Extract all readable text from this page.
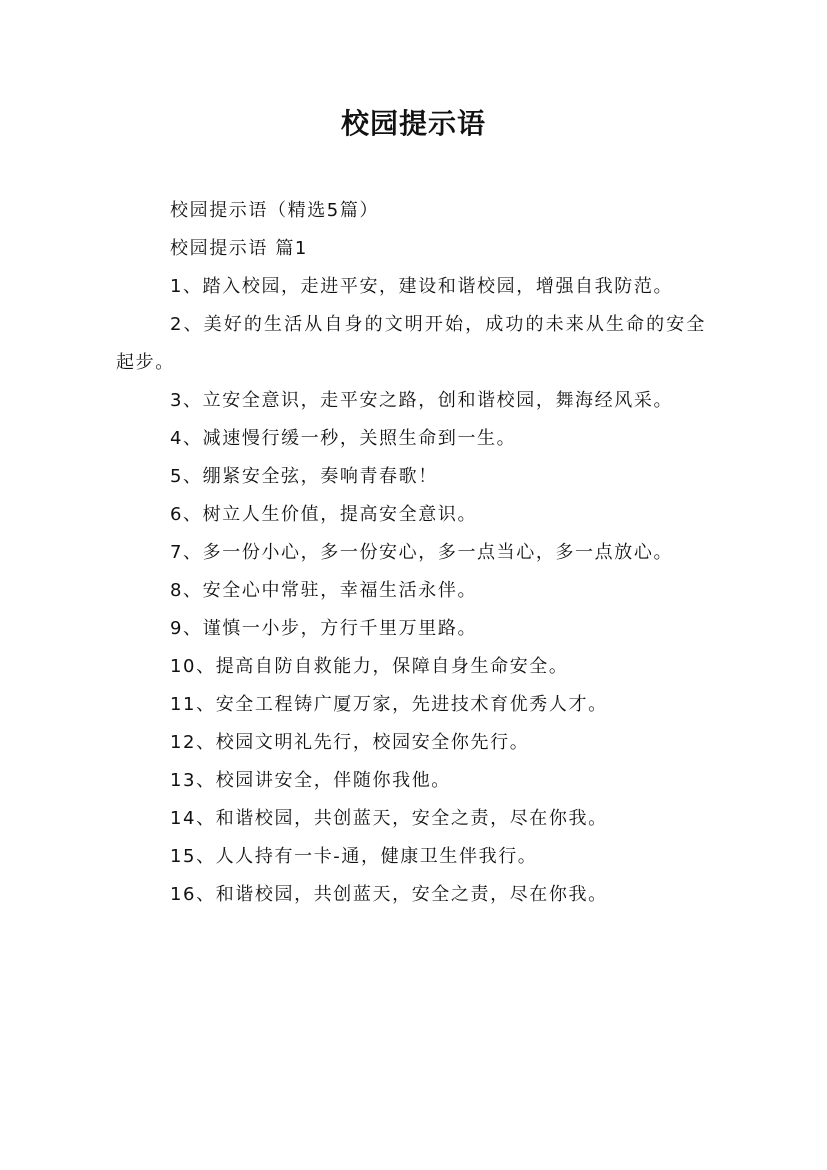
校园提示语

校园提示语（精选5篇）

校园提示语 篇1

1、踏入校园，走进平安，建设和谐校园，增强自我防范。

2、美好的生活从自身的文明开始，成功的未来从生命的安全起步。

3、立安全意识，走平安之路，创和谐校园，舞海经风采。

4、减速慢行缓一秒，关照生命到一生。

5、绷紧安全弦，奏响青春歌！

6、树立人生价值，提高安全意识。

7、多一份小心，多一份安心，多一点当心，多一点放心。

8、安全心中常驻，幸福生活永伴。

9、谨慎一小步，方行千里万里路。

10、提高自防自救能力，保障自身生命安全。

11、安全工程铸广厦万家，先进技术育优秀人才。

12、校园文明礼先行，校园安全你先行。

13、校园讲安全，伴随你我他。

14、和谐校园，共创蓝天，安全之责，尽在你我。

15、人人持有一卡-通，健康卫生伴我行。

16、和谐校园，共创蓝天，安全之责，尽在你我。
